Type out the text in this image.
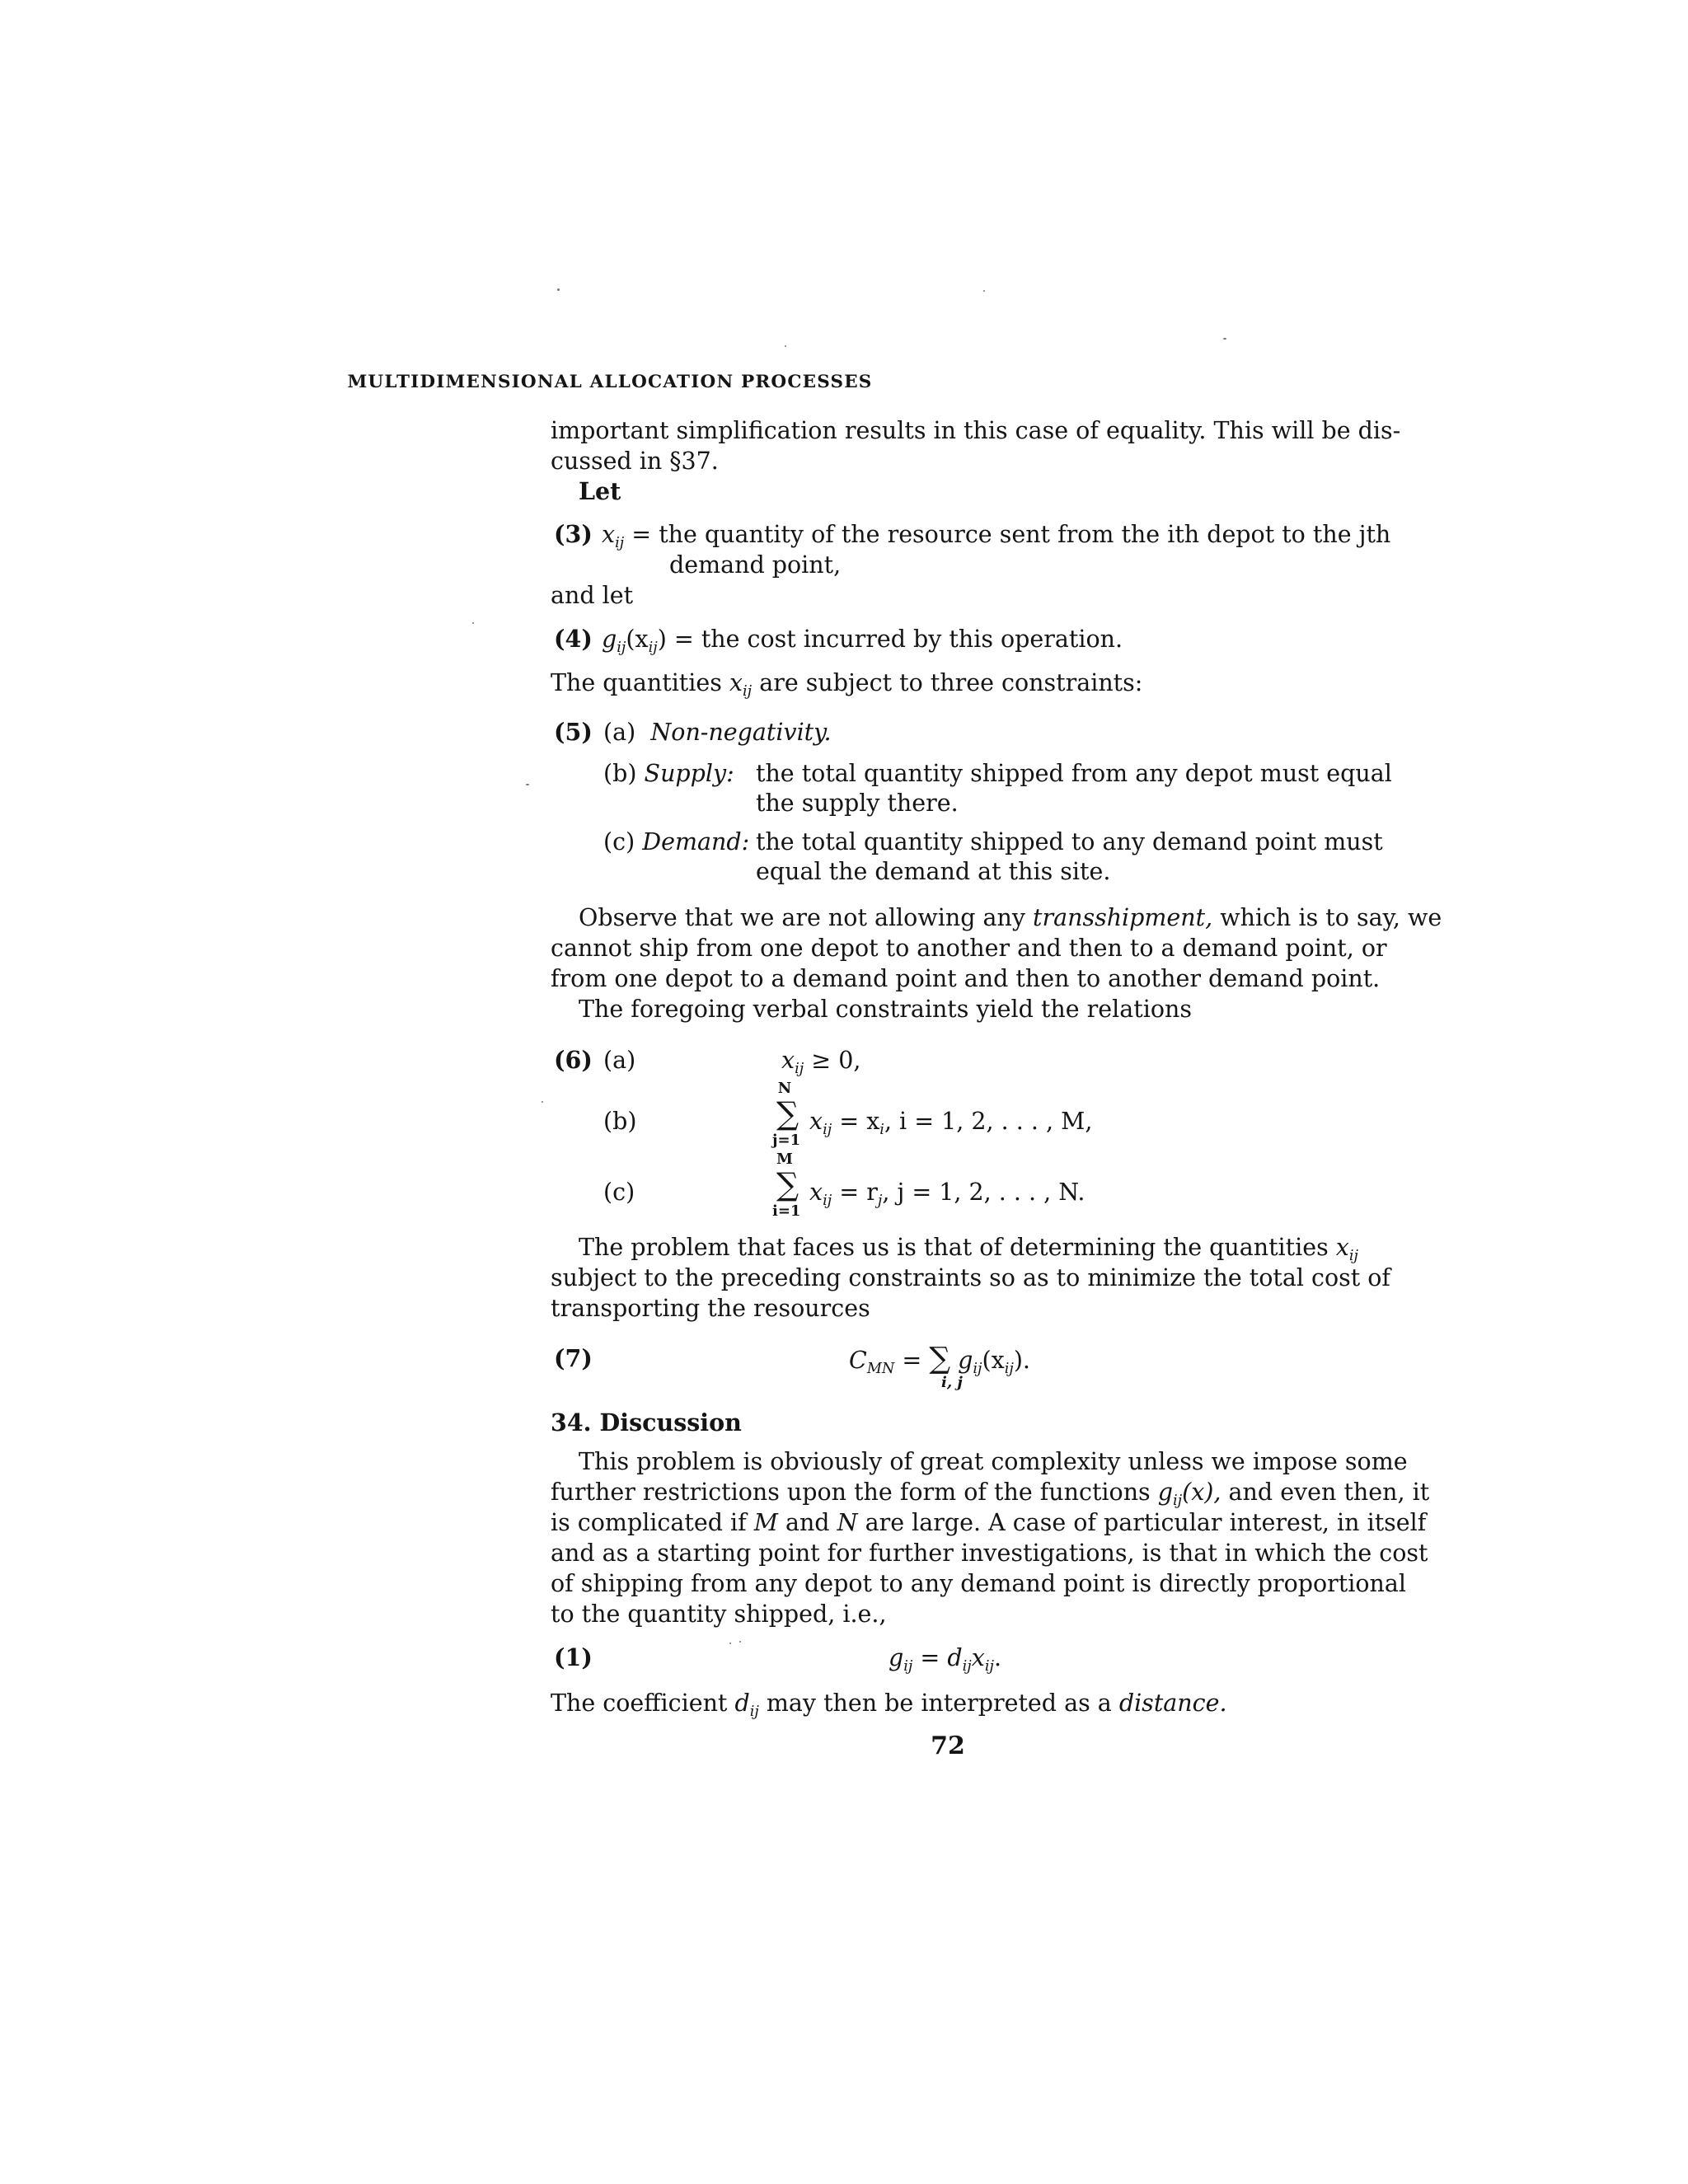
MULTIDIMENSIONAL ALLOCATION PROCESSES
important simplification results in this case of equality. This will be dis-
cussed in §37.
Let
(3) $x_{ij}$ = the quantity of the resource sent from the ith depot to the jth
demand point,
and let
(4) $g_{ij}(x_{ij})$ = the cost incurred by this operation.
The quantities $x_{ij}$ are subject to three constraints:
(5) (a) Non-negativity.
(b) Supply: the total quantity shipped from any depot must equal
the supply there.
(c) Demand: the total quantity shipped to any demand point must
equal the demand at this site.
Observe that we are not allowing any transshipment, which is to say, we
cannot ship from one depot to another and then to a demand point, or
from one depot to a demand point and then to another demand point.
The foregoing verbal constraints yield the relations
(6) (a)	$x_{ij} \ge 0$,
(b)
N
∑
j=1
$x_{ij} = x_i$, i = 1, 2, . . . , M,
(c)
M
∑
i=1
$x_{ij} = r_j$, j = 1, 2, . . . , N.
The problem that faces us is that of determining the quantities $x_{ij}$
subject to the preceding constraints so as to minimize the total cost of
transporting the resources
(7)	$C_{MN}$ = ∑ $g_{ij}(x_{ij})$.
i, j
34. Discussion
This problem is obviously of great complexity unless we impose some
further restrictions upon the form of the functions $g_{ij}(x)$, and even then, it
is complicated if M and N are large. A case of particular interest, in itself
and as a starting point for further investigations, is that in which the cost
of shipping from any depot to any demand point is directly proportional
to the quantity shipped, i.e.,
(1)	$g_{ij} = d_{ij}x_{ij}$.
The coefficient $d_{ij}$ may then be interpreted as a distance.
72
